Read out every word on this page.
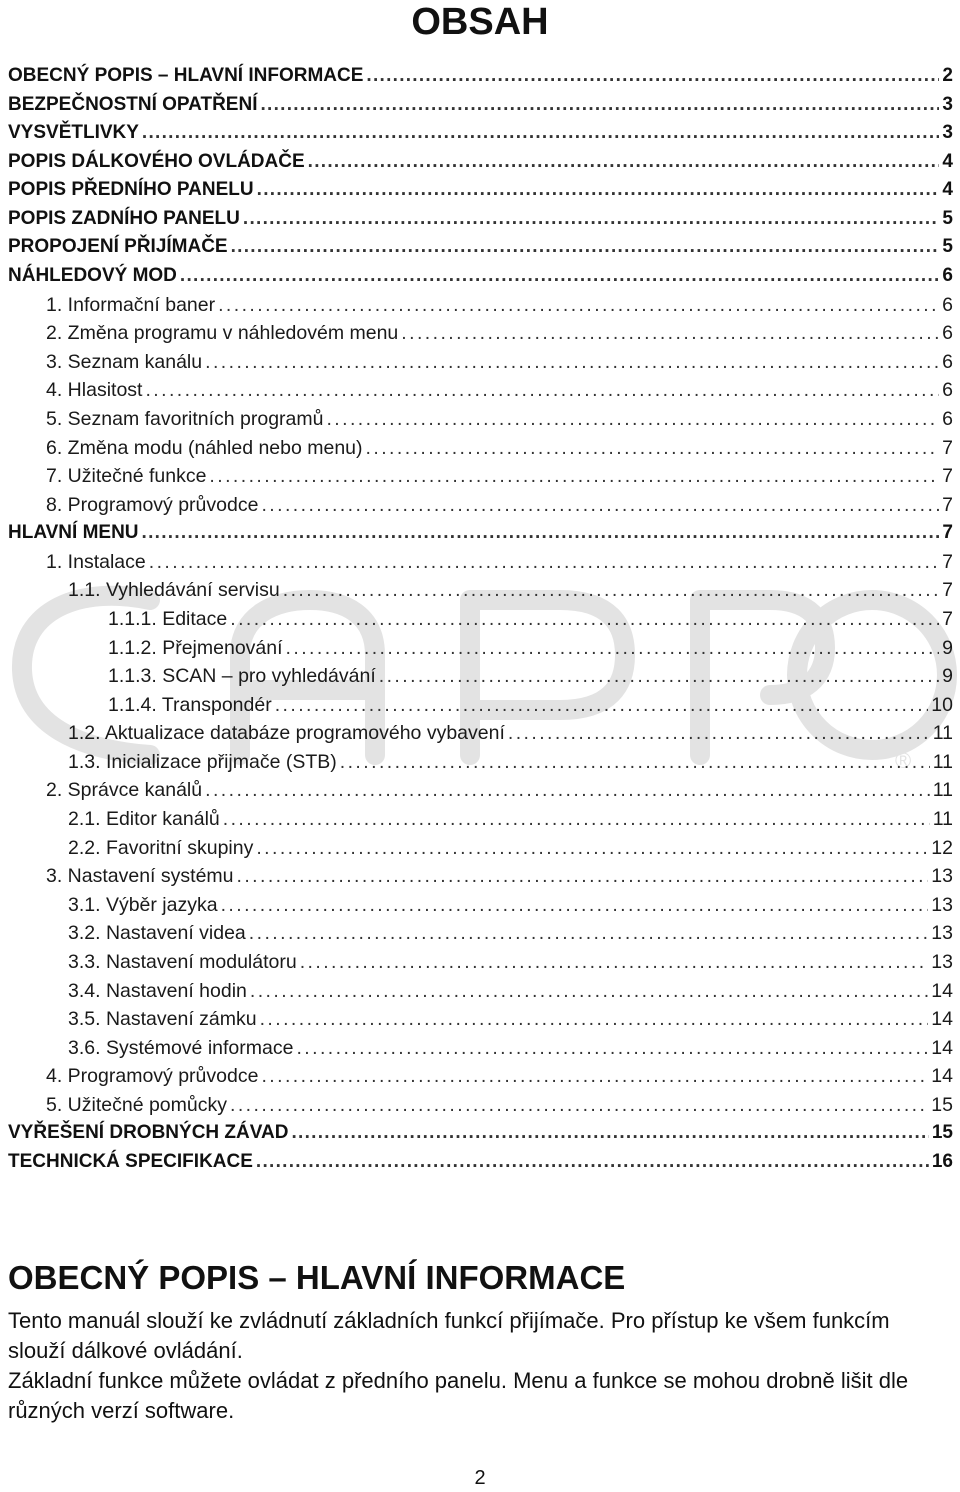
®
OBSAH
OBECNÝ POPIS – HLAVNÍ INFORMACE . . .	2
BEZPEČNOSTNÍ OPATŘENÍ . . .	3
VYSVĚTLIVKY . . .	3
POPIS DÁLKOVÉHO OVLÁDAČE . . .	4
POPIS PŘEDNÍHO PANELU . . .	4
POPIS ZADNÍHO PANELU . . .	5
PROPOJENÍ PŘIJÍMAČE . . .	5
NÁHLEDOVÝ MOD . . .	6
1. Informační baner . . .	6
2. Změna programu v náhledovém menu . . .	6
3. Seznam kanálu . . .	6
4. Hlasitost . . .	6
5. Seznam favoritních programů . . .	6
6. Změna modu (náhled nebo menu) . . .	7
7. Užitečné funkce . . .	7
8. Programový průvodce . . .	7
HLAVNÍ MENU . . .	7
1. Instalace . . .	7
1.1. Vyhledávání servisu . . .	7
1.1.1. Editace . . .	7
1.1.2. Přejmenování . . .	9
1.1.3. SCAN – pro vyhledávání . . .	9
1.1.4. Transpondér . . .	10
1.2. Aktualizace databáze programového vybavení . . .	11
1.3. Inicializace přijmače (STB) . . .	11
2. Správce kanálů . . .	11
2.1. Editor kanálů . . .	11
2.2. Favoritní skupiny . . .	12
3. Nastavení systému . . .	13
3.1. Výběr jazyka . . .	13
3.2. Nastavení videa . . .	13
3.3. Nastavení modulátoru . . .	13
3.4. Nastavení hodin . . .	14
3.5. Nastavení zámku . . .	14
3.6. Systémové informace . . .	14
4. Programový průvodce . . .	14
5. Užitečné pomůcky . . .	15
VYŘEŠENÍ DROBNÝCH ZÁVAD . . .	15
TECHNICKÁ SPECIFIKACE . . .	16
OBECNÝ POPIS – HLAVNÍ INFORMACE

Tento manuál slouží ke zvládnutí základních funkcí přijímače. Pro přístup ke všem funkcím slouží dálkové ovládání.

Základní funkce můžete ovládat z předního panelu. Menu a funkce se mohou drobně lišit dle různých verzí software.

2
